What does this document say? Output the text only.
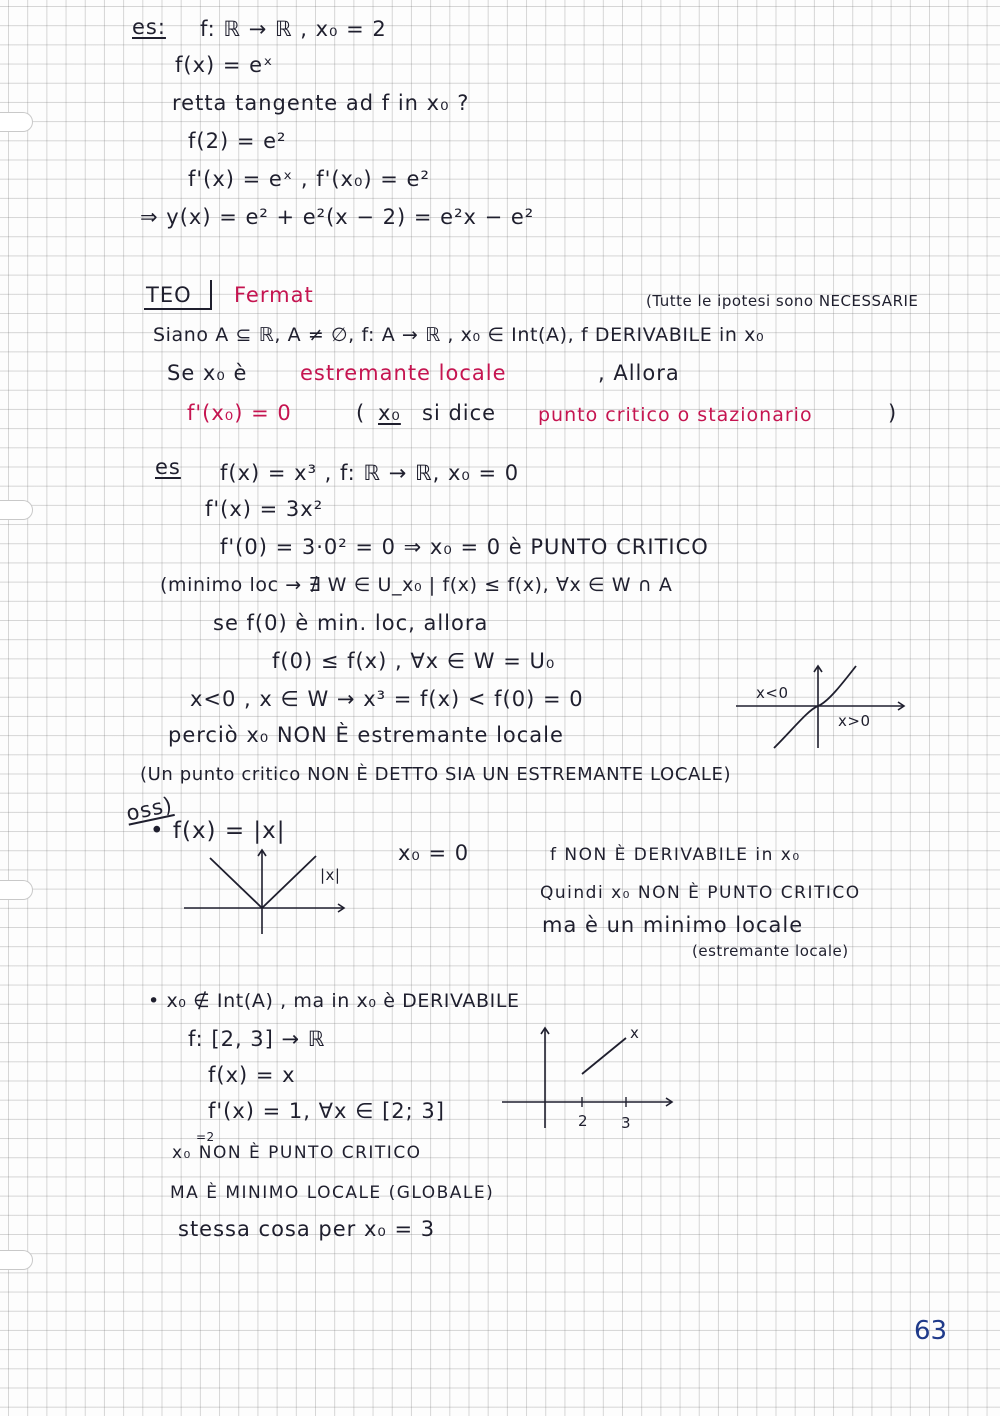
es: f: ℝ → ℝ , x₀ = 2
f(x) = eˣ
retta tangente ad f in x₀ ?
f(2) = e²
f'(x) = eˣ , f'(x₀) = e²
⇒ y(x) = e² + e²(x − 2) = e²x − e²
TEO Fermat	(Tutte le ipotesi sono NECESSARIE
Siano A ⊆ ℝ, A ≠ ∅, f: A → ℝ , x₀ ∈ Int(A), f DERIVABILE in x₀
Se x₀ è	estremante locale	, Allora
f'(x₀) = 0	( x₀ si dice punto critico o stazionario	)
es f(x) = x³ , f: ℝ → ℝ, x₀ = 0
f'(x) = 3x²
f'(0) = 3·0² = 0 ⇒ x₀ = 0 è PUNTO CRITICO
(minimo loc → ∄ W ∈ U_x₀ | f(x) ≤ f(x), ∀x ∈ W ∩ A
se f(0) è min. loc, allora
f(0) ≤ f(x) , ∀x ∈ W = U₀
x<0 , x ∈ W → x³ = f(x) < f(0) = 0
perciò x₀ NON È estremante locale
(Un punto critico NON È DETTO SIA UN ESTREMANTE LOCALE)
x<0
x>0
oss)
• f(x) = |x|
x₀ = 0	f NON È DERIVABILE in x₀
Quindi x₀ NON È PUNTO CRITICO
ma è un minimo locale
(estremante locale)
|x|
• x₀ ∉ Int(A) , ma in x₀ è DERIVABILE
f: [2, 3] → ℝ
f(x) = x
f'(x) = 1, ∀x ∈ [2; 3]
=2
x₀ NON È PUNTO CRITICO
MA È MINIMO LOCALE (GLOBALE)
stessa cosa per x₀ = 3
x
2 3
63
